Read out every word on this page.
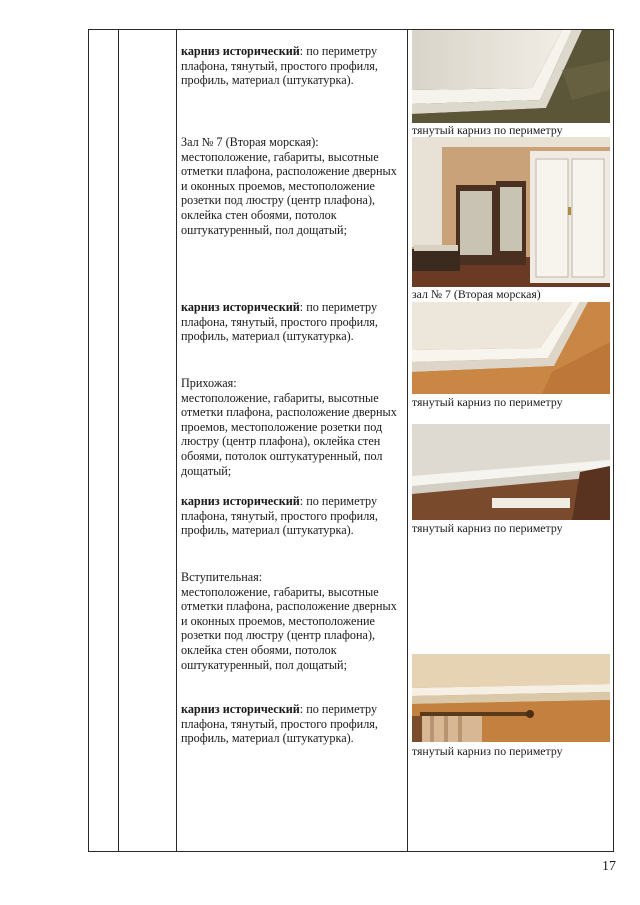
карниз исторический: по периметру плафона, тянутый, простого профиля, профиль, материал (штукатурка).
Зал № 7 (Вторая морская):
местоположение, габариты, высотные отметки плафона, расположение дверных и оконных проемов, местоположение розетки под люстру (центр плафона), оклейка стен обоями, потолок оштукатуренный, пол дощатый;
карниз исторический: по периметру плафона, тянутый, простого профиля, профиль, материал (штукатурка).
Прихожая:
местоположение, габариты, высотные отметки плафона, расположение дверных проемов, местоположение розетки под люстру (центр плафона), оклейка стен обоями, потолок оштукатуренный, пол дощатый;
карниз исторический: по периметру плафона, тянутый, простого профиля, профиль, материал (штукатурка).
Вступительная:
местоположение, габариты, высотные отметки плафона, расположение дверных и оконных проемов, местоположение розетки под люстру (центр плафона), оклейка стен обоями, потолок оштукатуренный, пол дощатый;
карниз исторический: по периметру плафона, тянутый, простого профиля, профиль, материал (штукатурка).
тянутый карниз по периметру
зал № 7 (Вторая морская)
тянутый карниз по периметру
тянутый карниз по периметру
тянутый карниз по периметру
17
